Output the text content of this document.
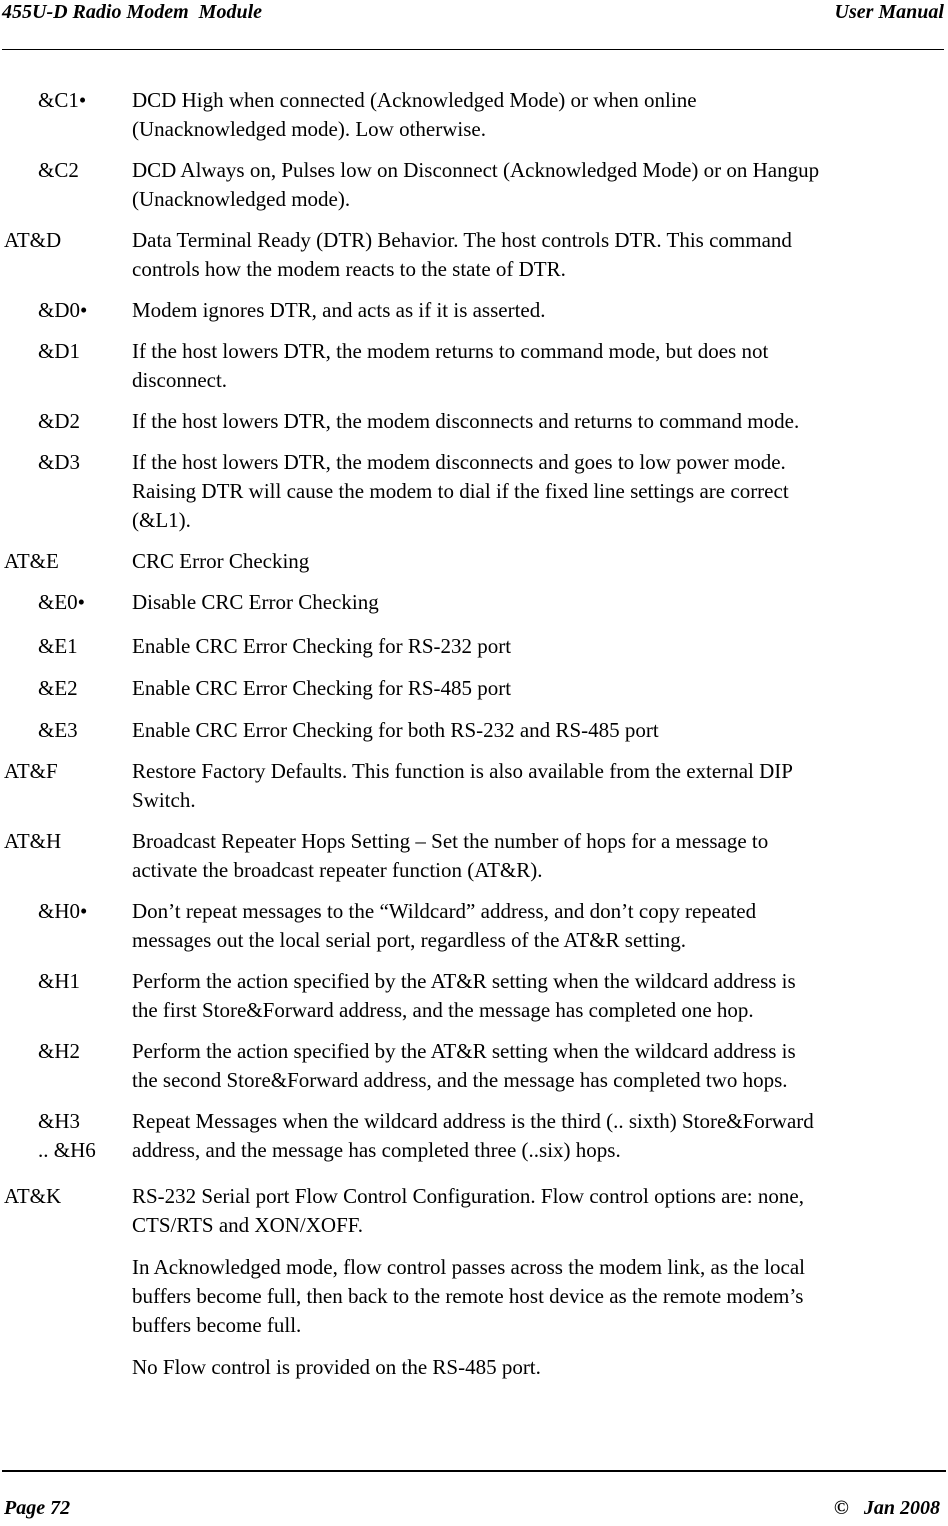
455U-D Radio Modem  Module	User Manual
&C1• DCD High when connected (Acknowledged Mode) or when online
(Unacknowledged mode). Low otherwise.
&C2	DCD Always on, Pulses low on Disconnect (Acknowledged Mode) or on Hangup
(Unacknowledged mode).
AT&D	Data Terminal Ready (DTR) Behavior. The host controls DTR. This command
controls how the modem reacts to the state of DTR.
&D0• Modem ignores DTR, and acts as if it is asserted.
&D1 If the host lowers DTR, the modem returns to command mode, but does not
disconnect.
&D2 If the host lowers DTR, the modem disconnects and returns to command mode.
&D3 If the host lowers DTR, the modem disconnects and goes to low power mode.
Raising DTR will cause the modem to dial if the fixed line settings are correct
(&L1).
AT&E	CRC Error Checking
&E0• Disable CRC Error Checking
&E1	Enable CRC Error Checking for RS-232 port
&E2	Enable CRC Error Checking for RS-485 port
&E3	Enable CRC Error Checking for both RS-232 and RS-485 port
AT&F	Restore Factory Defaults. This function is also available from the external DIP
Switch.
AT&H	Broadcast Repeater Hops Setting – Set the number of hops for a message to
activate the broadcast repeater function (AT&R).
&H0• Don’t repeat messages to the “Wildcard” address, and don’t copy repeated
messages out the local serial port, regardless of the AT&R setting.
&H1 Perform the action specified by the AT&R setting when the wildcard address is
the first Store&Forward address, and the message has completed one hop.
&H2 Perform the action specified by the AT&R setting when the wildcard address is
the second Store&Forward address, and the message has completed two hops.
&H3
.. &H6
Repeat Messages when the wildcard address is the third (.. sixth) Store&Forward
address, and the message has completed three (..six) hops.
AT&K	RS-232 Serial port Flow Control Configuration. Flow control options are: none,
CTS/RTS and XON/XOFF.
In Acknowledged mode, flow control passes across the modem link, as the local
buffers become full, then back to the remote host device as the remote modem’s
buffers become full.
No Flow control is provided on the RS-485 port.
Page 72	©   Jan 2008
